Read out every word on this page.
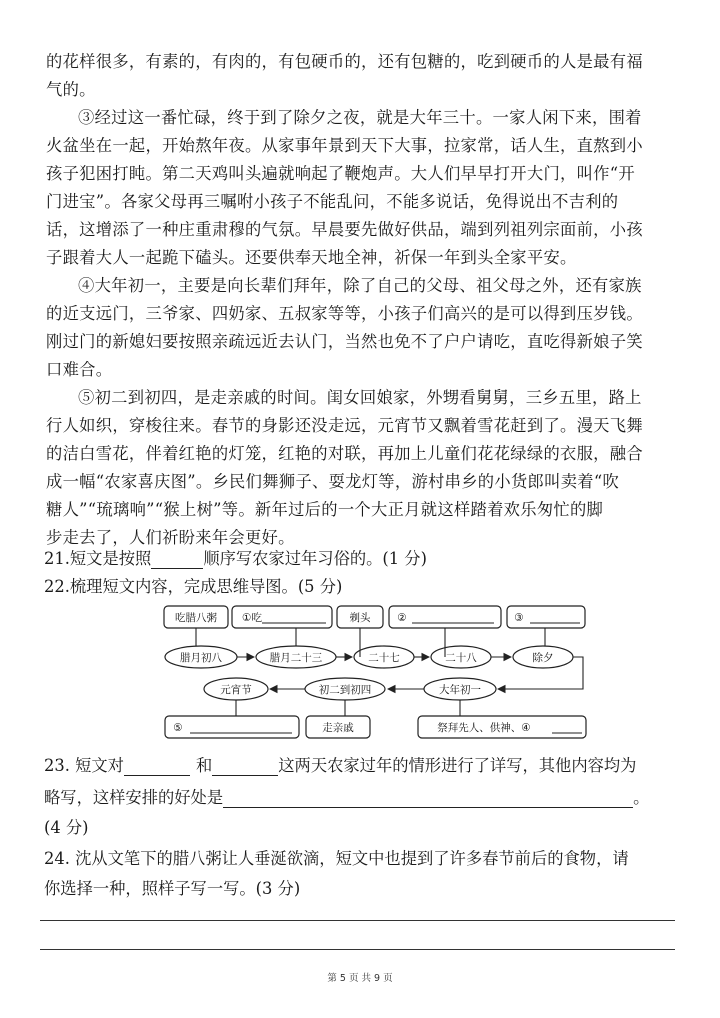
的花样很多，有素的，有肉的，有包硬币的，还有包糖的，吃到硬币的人是最有福
气的。
③经过这一番忙碌，终于到了除夕之夜，就是大年三十。一家人闲下来，围着
火盆坐在一起，开始熬年夜。从家事年景到天下大事，拉家常，话人生，直熬到小
孩子犯困打盹。第二天鸡叫头遍就响起了鞭炮声。大人们早早打开大门，叫作“开
门进宝”。各家父母再三嘱咐小孩子不能乱问，不能多说话，免得说出不吉利的
话，这增添了一种庄重肃穆的气氛。早晨要先做好供品，端到列祖列宗面前，小孩
子跟着大人一起跪下磕头。还要供奉天地全神，祈保一年到头全家平安。
④大年初一，主要是向长辈们拜年，除了自己的父母、祖父母之外，还有家族
的近支远门，三爷家、四奶家、五叔家等等，小孩子们高兴的是可以得到压岁钱。
刚过门的新媳妇要按照亲疏远近去认门，当然也免不了户户请吃，直吃得新娘子笑
口难合。
⑤初二到初四，是走亲戚的时间。闺女回娘家，外甥看舅舅，三乡五里，路上
行人如织，穿梭往来。春节的身影还没走远，元宵节又飘着雪花赶到了。漫天飞舞
的洁白雪花，伴着红艳的灯笼，红艳的对联，再加上儿童们花花绿绿的衣服，融合
成一幅“农家喜庆图”。乡民们舞狮子、耍龙灯等，游村串乡的小货郎叫卖着“吹
糖人”“琉璃响”“猴上树”等。新年过后的一个大正月就这样踏着欢乐匆忙的脚
步走去了，人们祈盼来年会更好。
21.短文是按照	顺序写农家过年习俗的。(1 分)
22.梳理短文内容，完成思维导图。(5 分)
吃腊八粥 ①吃	剃头	②	③
腊月初八	腊月二十三	二十七	二十八	除夕
元宵节	初二到初四	大年初一
⑤	走亲戚	祭拜先人、供神、④
23. 短文对	和	这两天农家过年的情形进行了详写，其他内容均为
略写，这样安排的好处是	。
(4 分)
24. 沈从文笔下的腊八粥让人垂涎欲滴，短文中也提到了许多春节前后的食物，请
你选择一种，照样子写一写。(3 分)
第 5 页 共 9 页
